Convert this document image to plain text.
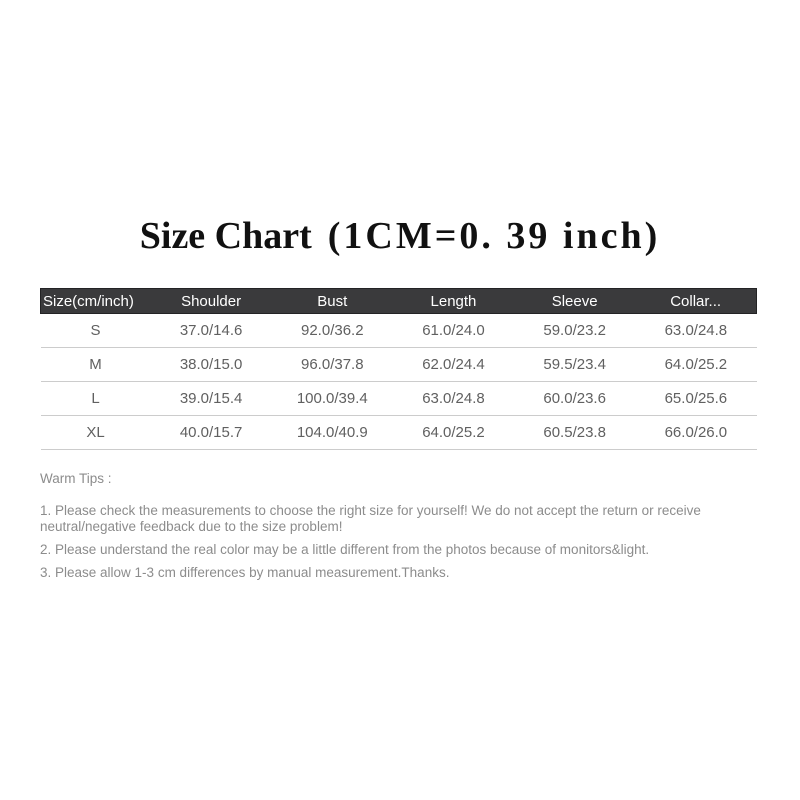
Size Chart (1CM=0. 39 inch)
Size(cm/inch)	Shoulder	Bust	Length	Sleeve	Collar...
S	37.0/14.6	92.0/36.2	61.0/24.0	59.0/23.2	63.0/24.8
M	38.0/15.0	96.0/37.8	62.0/24.4	59.5/23.4	64.0/25.2
L	39.0/15.4	100.0/39.4	63.0/24.8	60.0/23.6	65.0/25.6
XL	40.0/15.7	104.0/40.9	64.0/25.2	60.5/23.8	66.0/26.0

Warm Tips :

1. Please check the measurements to choose the right size for yourself! We do not accept the return or receive neutral/negative feedback due to the size problem!

2. Please understand the real color may be a little different from the photos because of monitors&light.

3. Please allow 1-3 cm differences by manual measurement.Thanks.
